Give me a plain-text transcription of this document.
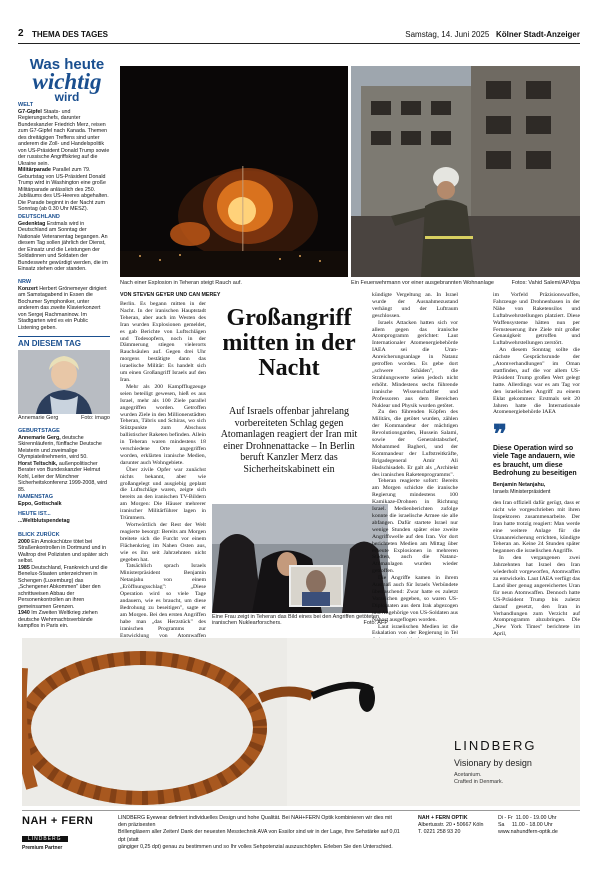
2 THEMA DES TAGES	Samstag, 14. Juni 2025 Kölner Stadt-Anzeiger
Was heute
wichtig
wird
WELT

G7-Gipfel Staats- und Regierungschefs, darunter Bundeskanzler Friedrich Merz, reisen zum G7-Gipfel nach Kanada. Themen des dreitägigen Treffens sind unter anderem die Zoll- und Handelspolitik von US-Präsident Donald Trump sowie der russische Angriffskrieg auf die Ukraine sein.

Militärparade Parallel zum 79. Geburtstag von US-Präsident Donald Trump wird in Washington eine große Militärparade anlässlich des 250. Jubiläums des US-Heeres abgehalten. Die Parade beginnt in der Nacht zum Sonntag (ab 0.30 Uhr MESZ).

DEUTSCHLAND

Gedenktag Erstmals wird in Deutschland am Sonntag der Nationale Veteranentag begangen. An diesem Tag sollen jährlich der Dienst, der Einsatz und die Leistungen der Soldatinnen und Soldaten der Bundeswehr gewürdigt werden, die im Einsatz stehen oder standen.

NRW

Konzert Herbert Grönemeyer dirigiert am Samstagabend in Essen die Bochumer Symphoniker, unter anderem das zweite Klavierkonzert von Sergej Rachmaninow. Im Stadtgarten wird es ein Public Listening geben.

AN DIESEM TAG
Annemarie Gerg	Foto: imago
GEBURTSTAGE

Annemarie Gerg, deutsche Skirennläuferin, fünffache Deutsche Meisterin und zweimalige Olympiateilnehmerin, wird 50.

Horst Teltschik, außenpolitischer Berater von Bundeskanzler Helmut Kohl, Leiter der Münchner Sicherheitskonferenz 1999-2008, wird 85.

NAMENSTAG

Eppo, Gottschalk

HEUTE IST...

...Weltblutspendetag

BLICK ZURÜCK

2000 Ein Amokschütze tötet bei Straßenkontrollen in Dortmund und in Waltrop drei Polizisten und später sich selbst.

1985 Deutschland, Frankreich und die Benelux-Staaten unterzeichnen in Schengen (Luxemburg) das „Schengener Abkommen" über den schrittweisen Abbau der Personenkontrollen an ihren gemeinsamen Grenzen.

1940 Im Zweiten Weltkrieg ziehen deutsche Wehrmachtsverbände kampflos in Paris ein.

Nach einer Explosion in Teheran steigt Rauch auf.	Ein Feuerwehrmann vor einer ausgebrannten Wohnanlage	Fotos: Vahid Salemi/AP/dpa
VON STEVEN GEYER UND CAN MEREY

Berlin. Es begann mitten in der Nacht. In der iranischen Hauptstadt Teheran, aber auch im Westen des Iran wurden Explosionen gemeldet, es gab Berichte von Luftschlägen und Todesopfern, noch in der Dämmerung stiegen vielerorts Rauchsäulen auf. Gegen drei Uhr morgens bestätigte dann das israelische Militär: Es handelt sich um einen Großangriff Israels auf den Iran.

Mehr als 200 Kampfflugzeuge seien beteiligt gewesen, hieß es aus Israel, mehr als 100 Ziele parallel angegriffen worden. Getroffen wurden Ziele in den Millionenstädten Teheran, Täbris und Schiras, wo sich Stützpunkte zum Abschuss ballistischer Raketen befinden. Allein in Teheran waren mindestens 18 verschiedene Orte angegriffen worden, erklärten iranische Medien, darunter auch Wohngebiete.

Über zivile Opfer war zunächst nichts bekannt, aber wie großangelegt und ausgiebig geplant die Luftschläge waren, zeigte sich bereits an den iranischen TV-Bildern am Morgen: Die Häuser mehrerer iranischer Militärführer lagen in Trümmern.

Wortwörtlich der Rest der Welt reagierte besorgt: Bereits am Morgen breitete sich die Furcht vor einem Flächenkrieg im Nahen Osten aus, wie es ihn seit Jahrzehnten nicht gegeben hat.

Tatsächlich sprach Israels Ministerpräsident Benjamin Netanjahu von einem „Eröffnungsschlag": „Diese Operation wird so viele Tage andauern, wie es braucht, um diese Bedrohung zu beseitigen", sagte er am Morgen. Bei den ersten Angriffen habe man „das Herzstück" des iranischen Programms zur Entwicklung von Atomwaffen

Großangriff mitten in der Nacht
Auf Israels offenbar jahrelang vorbereiteten Schlag gegen Atomanlagen reagiert der Iran mit einer Drohnenattacke – In Berlin beruft Kanzler Merz das Sicherheitskabinett ein
Eine Frau zeigt in Teheran das Bild eines bei den Angriffen getöteten iranischen Nuklearforschers.	Foto: AFP

kündigte Vergeltung an. In Israel wurde der Ausnahmezustand verhängt und der Luftraum geschlossen.

Israels Attacken hatten sich vor allem gegen das iranische Atomprogramm gerichtet: Laut Internationaler Atomenergiebehörde IAEA sei die Uran-Anreicherungsanlage in Natanz getroffen worden. Es gebe dort „schwere Schäden", die Strahlungswerte seien jedoch nicht erhöht. Mindestens sechs führende iranische Wissenschaftler und Professoren aus dem Bereichen Nuklear und Physik wurden getötet.

Zu den führenden Köpfen des Militärs, die getötet wurden, zählen der Kommandeur der mächtigen Revolutionsgarden, Hussein Salami, sowie der Generalstabschef, Mohammed Bagheri, und der Kommandeur der Luftstreitkräfte, Brigadegeneral Amir Ali Hadschisadeh. Er galt als „Architekt des iranischen Raketenprogramms".

Teheran reagierte sofort: Bereits am Morgen schickte die iranische Regierung mindestens 100 Kamikaze-Drohnen in Richtung Israel. Medienberichten zufolge konnte die israelische Armee sie alle abfangen. Dafür startete Israel nur wenige Stunden später eine zweite Angriffswelle auf den Iran. Vor dort berichteten Medien am Mittag über erneute Explosionen in mehreren Städten, auch die Natanz-Atomanlagen wurden wieder getroffen.

Die Angriffe kamen in ihrem Ausmaß auch für Israels Verbündete überraschend: Zwar hatte es zuletzt Vorzeichen gegeben, so waren US-Diplomaten aus dem Irak abgezogen und Angehörige von US-Soldaten aus Nahost ausgeflogen worden.

Laut israelischen Medien ist die Eskalation von der Regierung in Tel

im Vorfeld Präzisionswaffen, Fahrzeuge und Drohnenbasen in der Nähe von Raketensilos und Luftabwehrstellungen platziert. Diese Waffensysteme hätten nun per Fernsteuerung ihre Ziele mit großer Genauigkeit getroffen und Luftabwehrstellungen zerstört.

An diesem Sonntag sollte die nächste Gesprächsrunde der „Atomverhandlungen" im Oman stattfinden, auf die vor allem US-Präsident Trump großen Wert gelegt hatte. Allerdings war es am Tag vor den israelischen Angriff zu einem Eklat gekommen: Erstmals seit 20 Jahren hatte die Internationale Atomenergiebehörde IAEA

❞
Diese Operation wird so viele Tage andauern, wie es braucht, um diese Bedrohung zu beseitigen
Benjamin Netanjahu,
Israels Ministerpräsident

den Iran offiziell dafür gerügt, dass er nicht wie vorgeschrieben mit ihren Inspektoren zusammenarbeite. Der Iran hatte trotzig reagiert: Man werde eine weitere Anlage für die Urananreicherung errichten, kündigte Teheran an. Keine 24 Stunden später begannen die israelischen Angriffe.

In den vergangenen zwei Jahrzehnten hat Israel den Iran wiederholt vorgeworfen, Atomwaffen zu entwickeln. Laut IAEA verfügt das Land über genug angereichertes Uran für neun Atomwaffen. Dennoch hatte US-Präsident Trump bis zuletzt darauf gesetzt, den Iran in Verhandlungen zum Verzicht auf Atomprogramm abzubringen. Die „New York Times" berichtete im April,

LINDBERG
Visionary by design
Acetanium.
Crafted in Denmark.
NAH + FERN
LINDBERG
Premium Partner
LINDBERG Eyewear definiert individuelles Design und hohe Qualität. Bei NAH+FERN Optik kombinieren wir dies mit den präzisesten
Brillengläsern aller Zeiten! Dank der neuesten Messtechnik AVA von Essilor sind wir in der Lage, Ihre Sehstärke auf 0,01 dpt (statt
gängiger 0,25 dpt) genau zu bestimmen und so Ihr volles Sehpotenzial auszuschöpfen. Erleben Sie den Unterschied.
NAH + FERN OPTIK
Albertusstr. 20 • 50667 Köln
T. 0221 258 93 20
Di - Fr 11.00 - 19.00 Uhr
Sa 11.00 - 18.00 Uhr
www.nahundfern-optik.de
